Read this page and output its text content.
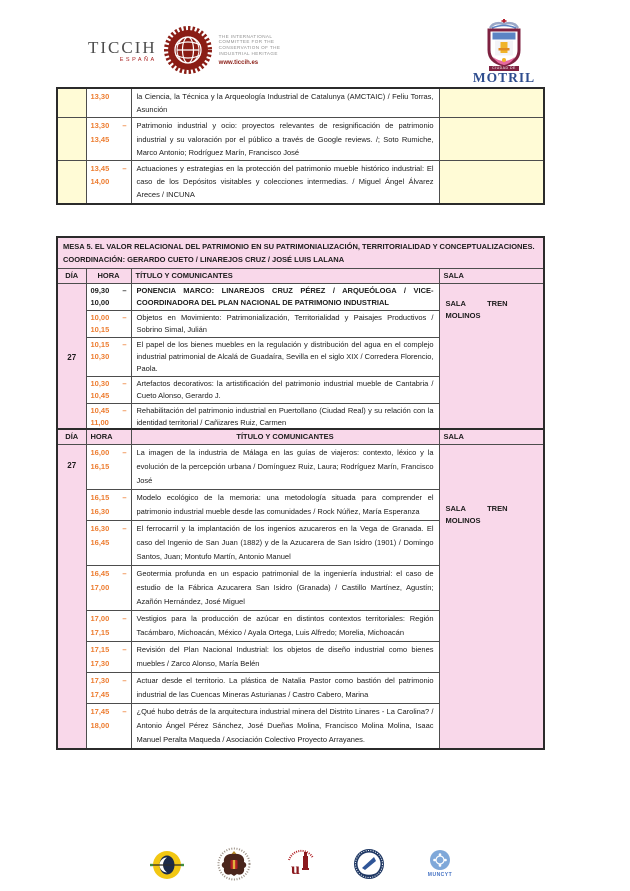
TICCIH
ESPAÑA
THE INTERNATIONAL
COMMITTEE FOR THE
CONSERVATION OF THE
INDUSTRIAL HERITAGE
www.ticcih.es
CIUDAD DE
MOTRIL

	13,30	la Ciencia, la Técnica y la Arqueología Industrial de Catalunya (AMCTAIC) / Feliu Torras, Asunción	

13,30 –
13,45
	Patrimonio industrial y ocio: proyectos relevantes de resignificación de patrimonio industrial y su valoración por el público a través de Google reviews. /; Soto Rumiche, Marco Antonio; Rodríguez Marín, Francisco José	

	13,45 –
14,00	Actuaciones y estrategias en la protección del patrimonio mueble histórico industrial: El caso de los Depósitos visitables y colecciones intermedias. / Miguel Ángel Álvarez Areces / INCUNA	
MESA 5. EL VALOR RELACIONAL DEL PATRIMONIO EN SU PATRIMONIALIZACIÓN, TERRITORIALIDAD Y CONCEPTUALIZACIONES.
COORDINACIÓN: GERARDO CUETO / LINAREJOS CRUZ / JOSÉ LUIS LALANA			

DÍA	HORA	TÍTULO Y COMUNICANTES	SALA
27	09,30 –
10,00	PONENCIA MARCO: LINAREJOS CRUZ PÉREZ / ARQUEÓLOGA / VICE-COORDINADORA DEL PLAN NACIONAL DE PATRIMONIO INDUSTRIAL	SALA TREN MOLINOS

	10,00 –
10,15	Objetos en Movimiento: Patrimonialización, Territorialidad y Paisajes Productivos / Sobrino Simal, Julián	

	10,15 –
10,30	El papel de los bienes muebles en la regulación y distribución del agua en el complejo industrial patrimonial de Alcalá de Guadaíra, Sevilla en el siglo XIX / Corredera Florencio, Paola.	

	10,30 –
10,45	Artefactos decorativos: la artistificación del patrimonio industrial mueble de Cantabria / Cueto Alonso, Gerardo J.	

	10,45 –
11,00	Rehabilitación del patrimonio industrial en Puertollano (Ciudad Real) y su relación con la identidad territorial / Cañizares Ruiz, Carmen	
DÍA	HORA	TÍTULO Y COMUNICANTES	SALA
27	16,00 –
16,15	La imagen de la industria de Málaga en las guías de viajeros: contexto, léxico y la evolución de la percepción urbana / Domínguez Ruiz, Laura; Rodríguez Marín, Francisco José	SALA TREN MOLINOS

	16,15 –
16,30	Modelo ecológico de la memoria: una metodología situada para comprender el patrimonio industrial mueble desde las comunidades / Rock Núñez, María Esperanza	

16,30 –
16,45
	El ferrocarril y la implantación de los ingenios azucareros en la Vega de Granada. El caso del Ingenio de San Juan (1882) y de la Azucarera de San Isidro (1901) / Domingo Santos, Juan; Montufo Martín, Antonio Manuel

	16,45 –
17,00	Geotermia profunda en un espacio patrimonial de la ingeniería industrial: el caso de estudio de la Fábrica Azucarera San Isidro (Granada) / Castillo Martínez, Agustín; Azañón Hernández, José Miguel	

	17,00 –
17,15	Vestigios para la producción de azúcar en distintos contextos territoriales: Región Tacámbaro, Michoacán, México / Ayala Ortega, Luis Alfredo; Morelia, Michoacán	

	17,15 –
17,30	Revisión del Plan Nacional Industrial: los objetos de diseño industrial como bienes muebles / Zarco Alonso, María Belén	

	17,30 –
17,45	Actuar desde el territorio. La plástica de Natalia Pastor como bastión del patrimonio industrial de las Cuencas Mineras Asturianas / Castro Cabero, Marina	

17,45 –
18,00
	¿Qué hubo detrás de la arquitectura industrial minera del Distrito Linares - La Carolina? / Antonio Ángel Pérez Sánchez, José Dueñas Molina, Francisco Molina Molina, Isaac Manuel Peralta Maqueda / Asociación Colectivo Proyecto Arrayanes.
u	MUNCYT
